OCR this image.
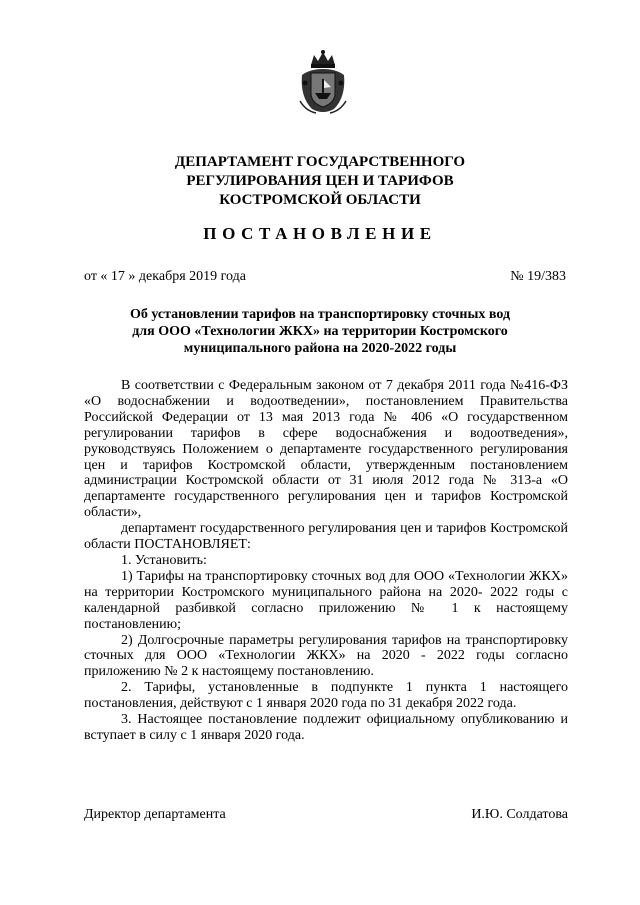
ДЕПАРТАМЕНТ ГОСУДАРСТВЕННОГО
РЕГУЛИРОВАНИЯ ЦЕН И ТАРИФОВ
КОСТРОМСКОЙ ОБЛАСТИ
ПОСТАНОВЛЕНИЕ
от « 17 » декабря 2019 года	№ 19/383
Об установлении тарифов на транспортировку сточных вод
для ООО «Технологии ЖКХ» на территории Костромского
муниципального района на 2020-2022 годы

В соответствии с Федеральным законом от 7 декабря 2011 года №416-ФЗ «О водоснабжении и водоотведении», постановлением Правительства Российской Федерации от 13 мая 2013 года № 406 «О государственном регулировании тарифов в сфере водоснабжения и водоотведения», руководствуясь Положением о департаменте государственного регулирования цен и тарифов Костромской области, утвержденным постановлением администрации Костромской области от 31 июля 2012 года № 313-а «О департаменте государственного регулирования цен и тарифов Костромской области»,

департамент государственного регулирования цен и тарифов Костромской области ПОСТАНОВЛЯЕТ:

1. Установить:

1) Тарифы на транспортировку сточных вод для ООО «Технологии ЖКХ» на территории Костромского муниципального района на 2020- 2022 годы с календарной разбивкой согласно приложению № 1 к настоящему постановлению;

2) Долгосрочные параметры регулирования тарифов на транспортировку сточных для ООО «Технологии ЖКХ» на 2020 - 2022 годы согласно приложению № 2 к настоящему постановлению.

2. Тарифы, установленные в подпункте 1 пункта 1 настоящего постановления, действуют с 1 января 2020 года по 31 декабря 2022 года.

3. Настоящее постановление подлежит официальному опубликованию и вступает в силу с 1 января 2020 года.

Директор департамента	И.Ю. Солдатова
